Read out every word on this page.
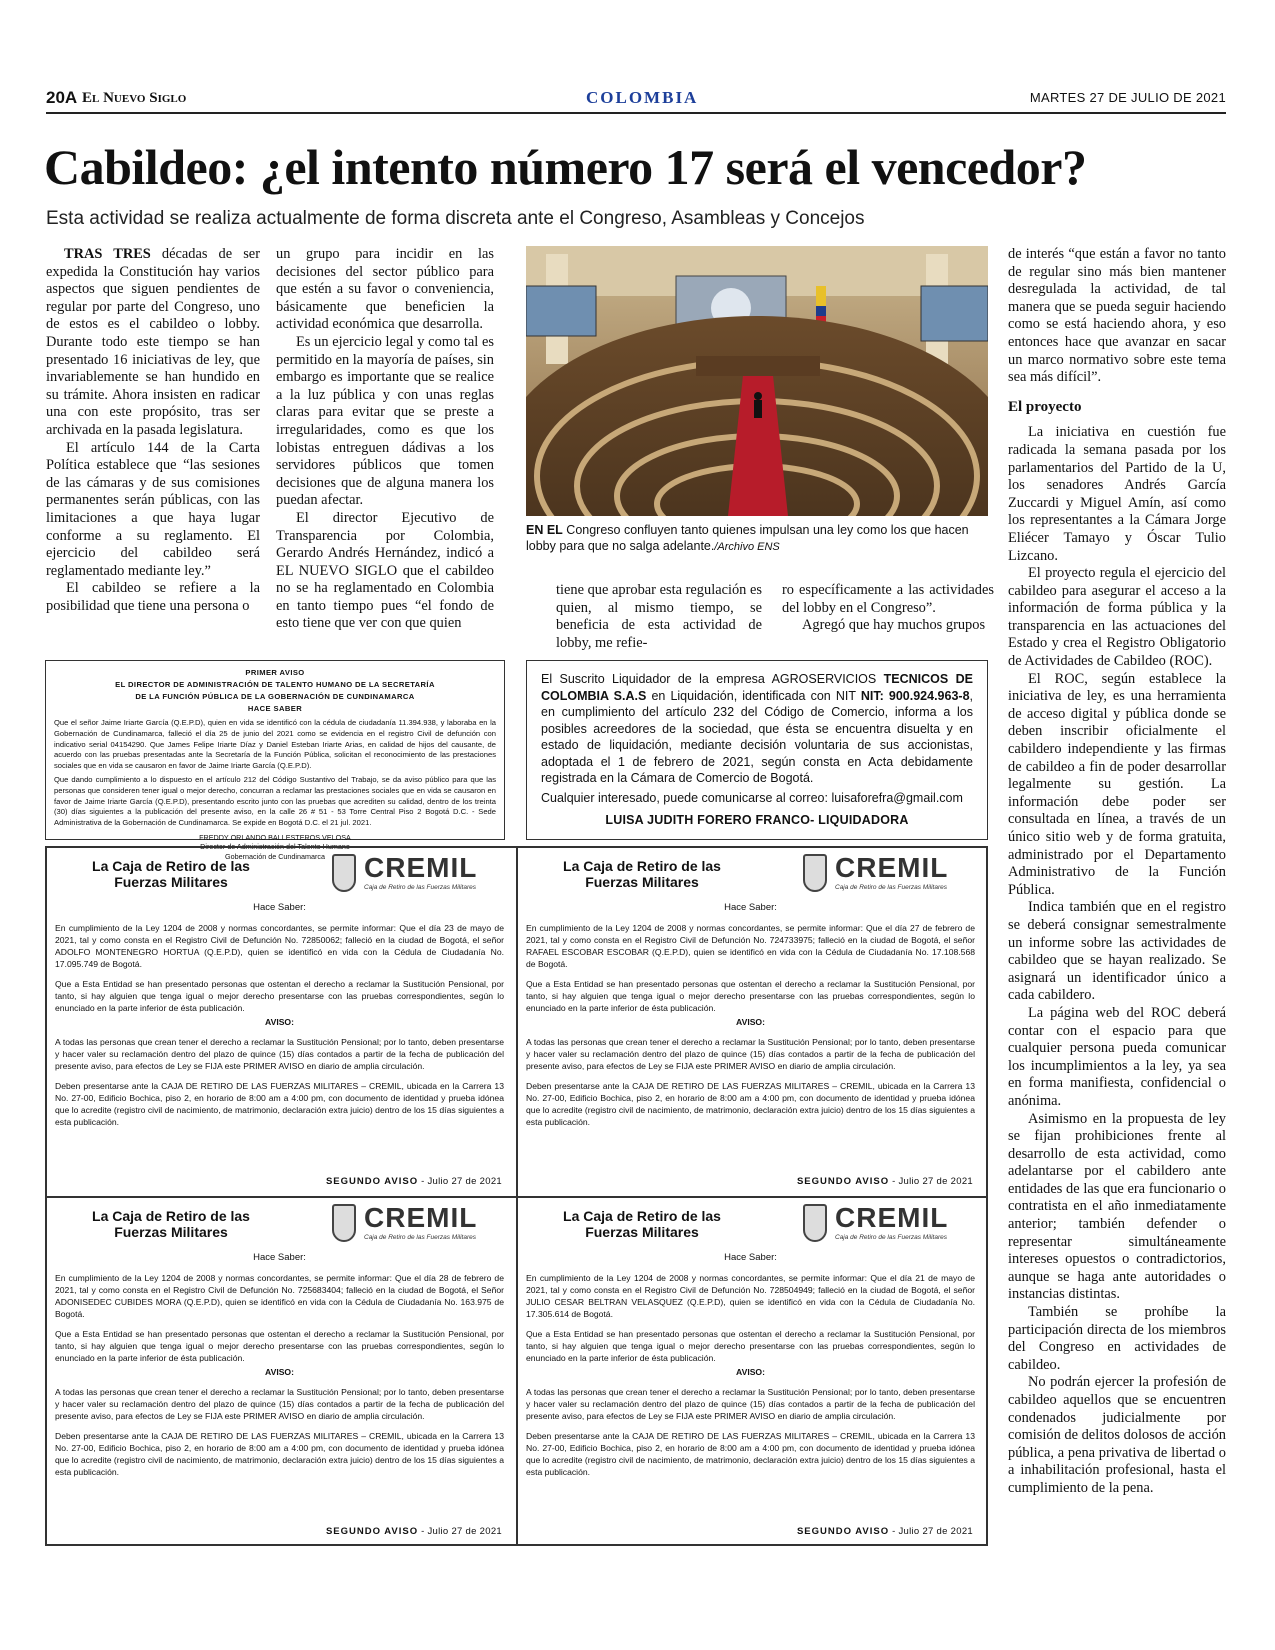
20A El Nuevo Siglo	COLOMBIA	MARTES 27 DE JULIO DE 2021
Cabildeo: ¿el intento número 17 será el vencedor?
Esta actividad se realiza actualmente de forma discreta ante el Congreso, Asambleas y Concejos

TRAS TRES décadas de ser expedida la Constitución hay varios aspectos que siguen pendientes de regular por parte del Congreso, uno de estos es el cabildeo o lobby. Durante todo este tiempo se han presentado 16 iniciativas de ley, que invariablemente se han hundido en su trámite. Ahora insisten en radicar una con este propósito, tras ser archivada en la pasada legislatura.

El artículo 144 de la Carta Política establece que “las sesiones de las cámaras y de sus comisiones permanentes serán públicas, con las limitaciones a que haya lugar conforme a su reglamento. El ejercicio del cabildeo será reglamentado mediante ley.”

El cabildeo se refiere a la posibilidad que tiene una persona o

un grupo para incidir en las decisiones del sector público para que estén a su favor o conveniencia, básicamente que beneficien la actividad económica que desarrolla.

Es un ejercicio legal y como tal es permitido en la mayoría de países, sin embargo es importante que se realice a la luz pública y con unas reglas claras para evitar que se preste a irregularidades, como es que los lobistas entreguen dádivas a los servidores públicos que tomen decisiones que de alguna manera los puedan afectar.

El director Ejecutivo de Transparencia por Colombia, Gerardo Andrés Hernández, indicó a EL NUEVO SIGLO que el cabildeo no se ha reglamentado en Colombia en tanto tiempo pues “el fondo de esto tiene que ver con que quien

EN EL Congreso confluyen tanto quienes impulsan una ley como los que hacen lobby para que no salga adelante./Archivo ENS

tiene que aprobar esta regulación es quien, al mismo tiempo, se beneficia de esta actividad de lobby, me refie-

ro específicamente a las actividades del lobby en el Congreso”.

Agregó que hay muchos grupos

de interés “que están a favor no tanto de regular sino más bien mantener desregulada la actividad, de tal manera que se pueda seguir haciendo como se está haciendo ahora, y eso entonces hace que avanzar en sacar un marco normativo sobre este tema sea más difícil”.

El proyecto

La iniciativa en cuestión fue radicada la semana pasada por los parlamentarios del Partido de la U, los senadores Andrés García Zuccardi y Miguel Amín, así como los representantes a la Cámara Jorge Eliécer Tamayo y Óscar Tulio Lizcano.

El proyecto regula el ejercicio del cabildeo para asegurar el acceso a la información de forma pública y la transparencia en las actuaciones del Estado y crea el Registro Obligatorio de Actividades de Cabildeo (ROC).

El ROC, según establece la iniciativa de ley, es una herramienta de acceso digital y pública donde se deben inscribir oficialmente el cabildero independiente y las firmas de cabildeo a fin de poder desarrollar legalmente su gestión. La información debe poder ser consultada en línea, a través de un único sitio web y de forma gratuita, administrado por el Departamento Administrativo de la Función Pública.

Indica también que en el registro se deberá consignar semestralmente un informe sobre las actividades de cabildeo que se hayan realizado. Se asignará un identificador único a cada cabildero.

La página web del ROC deberá contar con el espacio para que cualquier persona pueda comunicar los incumplimientos a la ley, ya sea en forma manifiesta, confidencial o anónima.

Asimismo en la propuesta de ley se fijan prohibiciones frente al desarrollo de esta actividad, como adelantarse por el cabildero ante entidades de las que era funcionario o contratista en el año inmediatamente anterior; también defender o representar simultáneamente intereses opuestos o contradictorios, aunque se haga ante autoridades o instancias distintas.

También se prohíbe la participación directa de los miembros del Congreso en actividades de cabildeo.

No podrán ejercer la profesión de cabildeo aquellos que se encuentren condenados judicialmente por comisión de delitos dolosos de acción pública, a pena privativa de libertad o a inhabilitación profesional, hasta el cumplimiento de la pena.

PRIMER AVISO
EL DIRECTOR DE ADMINISTRACIÓN DE TALENTO HUMANO DE LA SECRETARÍA
DE LA FUNCIÓN PÚBLICA DE LA GOBERNACIÓN DE CUNDINAMARCA
HACE SABER
Que el señor Jaime Iriarte García (Q.E.P.D), quien en vida se identificó con la cédula de ciudadanía 11.394.938, y laboraba en la Gobernación de Cundinamarca, falleció el día 25 de junio del 2021 como se evidencia en el registro Civil de defunción con indicativo serial 04154290. Que James Felipe Iriarte Díaz y Daniel Esteban Iriarte Arias, en calidad de hijos del causante, de acuerdo con las pruebas presentadas ante la Secretaría de la Función Pública, solicitan el reconocimiento de las prestaciones sociales que en vida se causaron en favor de Jaime Iriarte García (Q.E.P.D).
Que dando cumplimiento a lo dispuesto en el artículo 212 del Código Sustantivo del Trabajo, se da aviso público para que las personas que consideren tener igual o mejor derecho, concurran a reclamar las prestaciones sociales que en vida se causaron en favor de Jaime Iriarte García (Q.E.P.D), presentando escrito junto con las pruebas que acrediten su calidad, dentro de los treinta (30) días siguientes a la publicación del presente aviso, en la calle 26 # 51 - 53 Torre Central Piso 2 Bogotá D.C. - Sede Administrativa de la Gobernación de Cundinamarca. Se expide en Bogotá D.C. el 21 jul. 2021.
FREDDY ORLANDO BALLESTEROS VELOSA
Director de Administración del Talento Humano
Gobernación de Cundinamarca
El Suscrito Liquidador de la empresa AGROSERVICIOS TECNICOS DE COLOMBIA S.A.S en Liquidación, identificada con NIT NIT: 900.924.963-8, en cumplimiento del artículo 232 del Código de Comercio, informa a los posibles acreedores de la sociedad, que ésta se encuentra disuelta y en estado de liquidación, mediante decisión voluntaria de sus accionistas, adoptada el 1 de febrero de 2021, según consta en Acta debidamente registrada en la Cámara de Comercio de Bogotá.
Cualquier interesado, puede comunicarse al correo: luisaforefra@gmail.com
LUISA JUDITH FORERO FRANCO- LIQUIDADORA
La Caja de Retiro de las Fuerzas Militares	CREMIL
Caja de Retiro de las Fuerzas Militares
Hace Saber:

En cumplimiento de la Ley 1204 de 2008 y normas concordantes, se permite informar: Que el día 23 de mayo de 2021, tal y como consta en el Registro Civil de Defunción No. 72850062; falleció en la ciudad de Bogotá, el señor ADOLFO MONTENEGRO HORTUA (Q.E.P.D), quien se identificó en vida con la Cédula de Ciudadanía No. 17.095.749 de Bogotá.

Que a Esta Entidad se han presentado personas que ostentan el derecho a reclamar la Sustitución Pensional, por tanto, si hay alguien que tenga igual o mejor derecho presentarse con las pruebas correspondientes, según lo enunciado en la parte inferior de ésta publicación.

AVISO:

A todas las personas que crean tener el derecho a reclamar la Sustitución Pensional; por lo tanto, deben presentarse y hacer valer su reclamación dentro del plazo de quince (15) días contados a partir de la fecha de publicación del presente aviso, para efectos de Ley se FIJA este PRIMER AVISO en diario de amplia circulación.

Deben presentarse ante la CAJA DE RETIRO DE LAS FUERZAS MILITARES – CREMIL, ubicada en la Carrera 13 No. 27-00, Edificio Bochica, piso 2, en horario de 8:00 am a 4:00 pm, con documento de identidad y prueba idónea que lo acredite (registro civil de nacimiento, de matrimonio, declaración extra juicio) dentro de los 15 días siguientes a esta publicación.

SEGUNDO AVISO - Julio 27 de 2021
La Caja de Retiro de las Fuerzas Militares	CREMIL
Caja de Retiro de las Fuerzas Militares
Hace Saber:

En cumplimiento de la Ley 1204 de 2008 y normas concordantes, se permite informar: Que el día 27 de febrero de 2021, tal y como consta en el Registro Civil de Defunción No. 724733975; falleció en la ciudad de Bogotá, el señor RAFAEL ESCOBAR ESCOBAR (Q.E.P.D), quien se identificó en vida con la Cédula de Ciudadanía No. 17.108.568 de Bogotá.

Que a Esta Entidad se han presentado personas que ostentan el derecho a reclamar la Sustitución Pensional, por tanto, si hay alguien que tenga igual o mejor derecho presentarse con las pruebas correspondientes, según lo enunciado en la parte inferior de ésta publicación.

AVISO:

A todas las personas que crean tener el derecho a reclamar la Sustitución Pensional; por lo tanto, deben presentarse y hacer valer su reclamación dentro del plazo de quince (15) días contados a partir de la fecha de publicación del presente aviso, para efectos de Ley se FIJA este PRIMER AVISO en diario de amplia circulación.

Deben presentarse ante la CAJA DE RETIRO DE LAS FUERZAS MILITARES – CREMIL, ubicada en la Carrera 13 No. 27-00, Edificio Bochica, piso 2, en horario de 8:00 am a 4:00 pm, con documento de identidad y prueba idónea que lo acredite (registro civil de nacimiento, de matrimonio, declaración extra juicio) dentro de los 15 días siguientes a esta publicación.

SEGUNDO AVISO - Julio 27 de 2021
La Caja de Retiro de las Fuerzas Militares	CREMIL
Caja de Retiro de las Fuerzas Militares
Hace Saber:

En cumplimiento de la Ley 1204 de 2008 y normas concordantes, se permite informar: Que el día 28 de febrero de 2021, tal y como consta en el Registro Civil de Defunción No. 725683404; falleció en la ciudad de Bogotá, el Señor ADONISEDEC CUBIDES MORA (Q.E.P.D), quien se identificó en vida con la Cédula de Ciudadanía No. 163.975 de Bogotá.

Que a Esta Entidad se han presentado personas que ostentan el derecho a reclamar la Sustitución Pensional, por tanto, si hay alguien que tenga igual o mejor derecho presentarse con las pruebas correspondientes, según lo enunciado en la parte inferior de ésta publicación.

AVISO:

A todas las personas que crean tener el derecho a reclamar la Sustitución Pensional; por lo tanto, deben presentarse y hacer valer su reclamación dentro del plazo de quince (15) días contados a partir de la fecha de publicación del presente aviso, para efectos de Ley se FIJA este PRIMER AVISO en diario de amplia circulación.

Deben presentarse ante la CAJA DE RETIRO DE LAS FUERZAS MILITARES – CREMIL, ubicada en la Carrera 13 No. 27-00, Edificio Bochica, piso 2, en horario de 8:00 am a 4:00 pm, con documento de identidad y prueba idónea que lo acredite (registro civil de nacimiento, de matrimonio, declaración extra juicio) dentro de los 15 días siguientes a esta publicación.

SEGUNDO AVISO - Julio 27 de 2021
La Caja de Retiro de las Fuerzas Militares	CREMIL
Caja de Retiro de las Fuerzas Militares
Hace Saber:

En cumplimiento de la Ley 1204 de 2008 y normas concordantes, se permite informar: Que el día 21 de mayo de 2021, tal y como consta en el Registro Civil de Defunción No. 728504949; falleció en la ciudad de Bogotá, el señor JULIO CESAR BELTRAN VELASQUEZ (Q.E.P.D), quien se identificó en vida con la Cédula de Ciudadanía No. 17.305.614 de Bogotá.

Que a Esta Entidad se han presentado personas que ostentan el derecho a reclamar la Sustitución Pensional, por tanto, si hay alguien que tenga igual o mejor derecho presentarse con las pruebas correspondientes, según lo enunciado en la parte inferior de ésta publicación.

AVISO:

A todas las personas que crean tener el derecho a reclamar la Sustitución Pensional; por lo tanto, deben presentarse y hacer valer su reclamación dentro del plazo de quince (15) días contados a partir de la fecha de publicación del presente aviso, para efectos de Ley se FIJA este PRIMER AVISO en diario de amplia circulación.

Deben presentarse ante la CAJA DE RETIRO DE LAS FUERZAS MILITARES – CREMIL, ubicada en la Carrera 13 No. 27-00, Edificio Bochica, piso 2, en horario de 8:00 am a 4:00 pm, con documento de identidad y prueba idónea que lo acredite (registro civil de nacimiento, de matrimonio, declaración extra juicio) dentro de los 15 días siguientes a esta publicación.

SEGUNDO AVISO - Julio 27 de 2021
